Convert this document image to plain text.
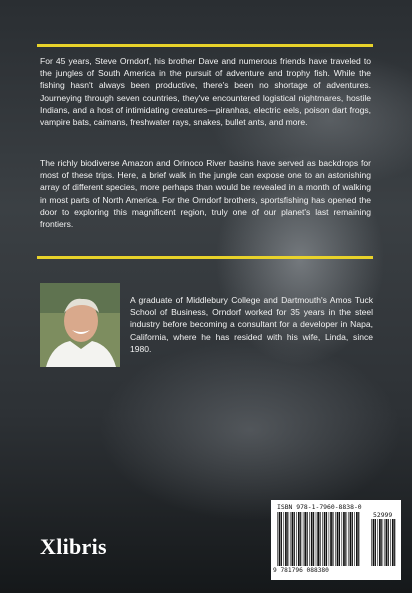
For 45 years, Steve Orndorf, his brother Dave and numerous friends have traveled to the jungles of South America in the pursuit of adventure and trophy fish. While the fishing hasn't always been productive, there's been no shortage of adventures. Journeying through seven countries, they've encountered logistical nightmares, hostile Indians, and a host of intimidating creatures—piranhas, electric eels, poison dart frogs, vampire bats, caimans, freshwater rays, snakes, bullet ants, and more.

The richly biodiverse Amazon and Orinoco River basins have served as backdrops for most of these trips. Here, a brief walk in the jungle can expose one to an astonishing array of different species, more perhaps than would be revealed in a month of walking in most parts of North America. For the Orndorf brothers, sportsfishing has opened the door to exploring this magnificent region, truly one of our planet's last remaining frontiers.

A graduate of Middlebury College and Dartmouth's Amos Tuck School of Business, Orndorf worked for 35 years in the steel industry before becoming a consultant for a developer in Napa, California, where he has resided with his wife, Linda, since 1980.

Xlibris
ISBN 978-1-7960-8838-0
52999
9 781796 088380
